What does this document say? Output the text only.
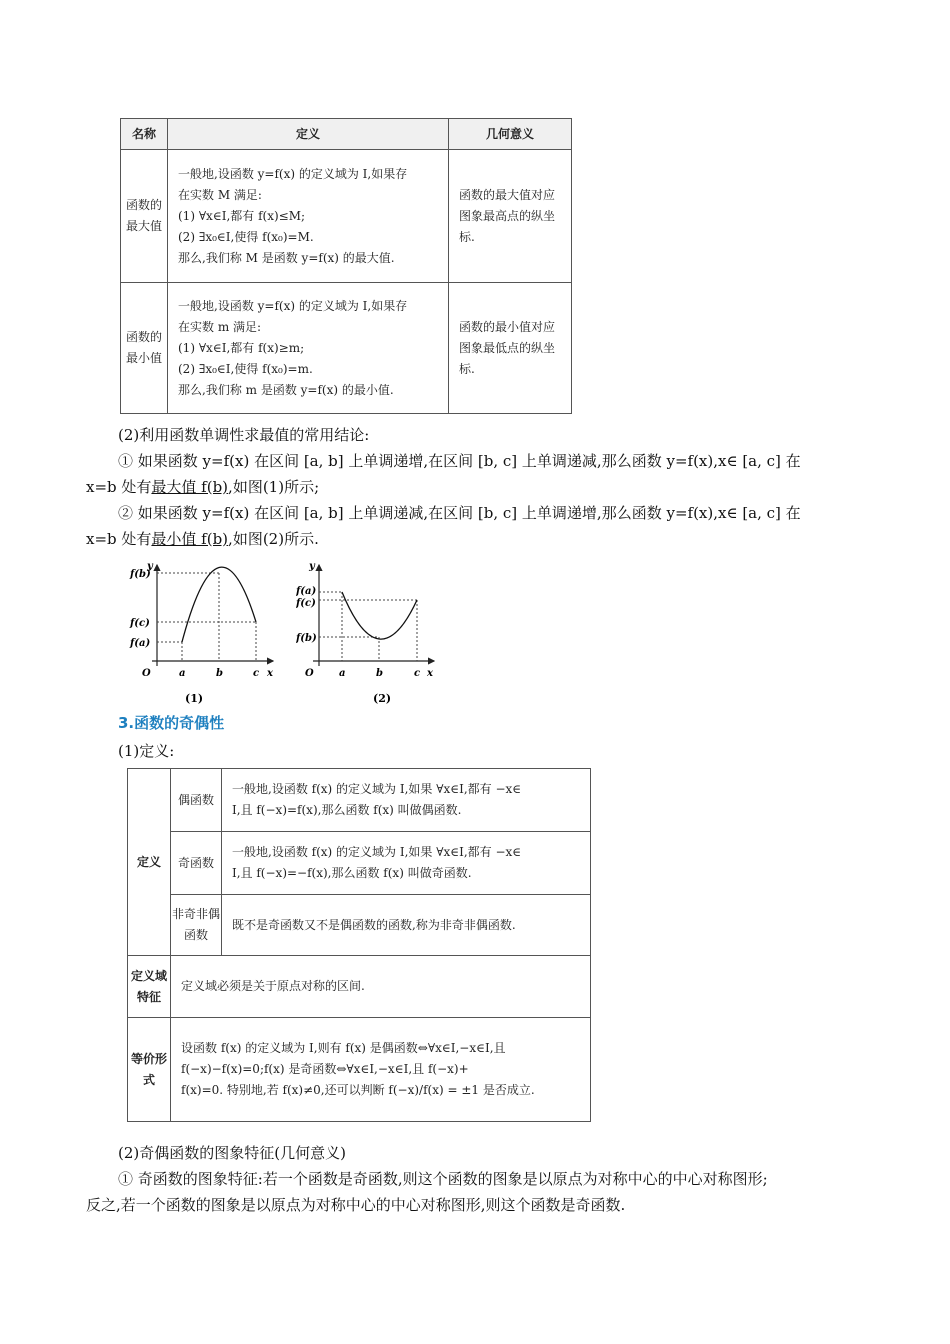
名称	定义	几何意义
函数的最大值	一般地,设函数 y=f(x) 的定义域为 I,如果存
在实数 M 满足:
(1) ∀x∈I,都有 f(x)≤M;
(2) ∃x₀∈I,使得 f(x₀)=M.
那么,我们称 M 是函数 y=f(x) 的最大值.	函数的最大值对应图象最高点的纵坐标.
函数的最小值	一般地,设函数 y=f(x) 的定义域为 I,如果存
在实数 m 满足:
(1) ∀x∈I,都有 f(x)≥m;
(2) ∃x₀∈I,使得 f(x₀)=m.
那么,我们称 m 是函数 y=f(x) 的最小值.	函数的最小值对应图象最低点的纵坐标.
(2)利用函数单调性求最值的常用结论:
① 如果函数 y=f(x) 在区间 [a, b] 上单调递增,在区间 [b, c] 上单调递减,那么函数 y=f(x),x∈ [a, c] 在
x=b 处有最大值 f(b),如图(1)所示;
② 如果函数 y=f(x) 在区间 [a, b] 上单调递减,在区间 [b, c] 上单调递增,那么函数 y=f(x),x∈ [a, c] 在
x=b 处有最小值 f(b),如图(2)所示.
y
f(b)
f(c)
f(a)
O	a	b	c x
(1)
y
f(a)
f(c)
f(b)
O	a	b	c x
(2)
3.函数的奇偶性
(1)定义:
定义	偶函数	一般地,设函数 f(x) 的定义域为 I,如果 ∀x∈I,都有 −x∈
I,且 f(−x)=f(x),那么函数 f(x) 叫做偶函数.

	奇函数	一般地,设函数 f(x) 的定义域为 I,如果 ∀x∈I,都有 −x∈
I,且 f(−x)=−f(x),那么函数 f(x) 叫做奇函数.

	非奇非偶函数	既不是奇函数又不是偶函数的函数,称为非奇非偶函数.
定义域特征	定义域必须是关于原点对称的区间.	
等价形式	设函数 f(x) 的定义域为 I,则有 f(x) 是偶函数⇔∀x∈I,−x∈I,且
f(−x)−f(x)=0;f(x) 是奇函数⇔∀x∈I,−x∈I,且 f(−x)+
f(x)=0. 特别地,若 f(x)≠0,还可以判断 f(−x)/f(x) = ±1 是否成立.	
(2)奇偶函数的图象特征(几何意义)
① 奇函数的图象特征:若一个函数是奇函数,则这个函数的图象是以原点为对称中心的中心对称图形;
反之,若一个函数的图象是以原点为对称中心的中心对称图形,则这个函数是奇函数.
